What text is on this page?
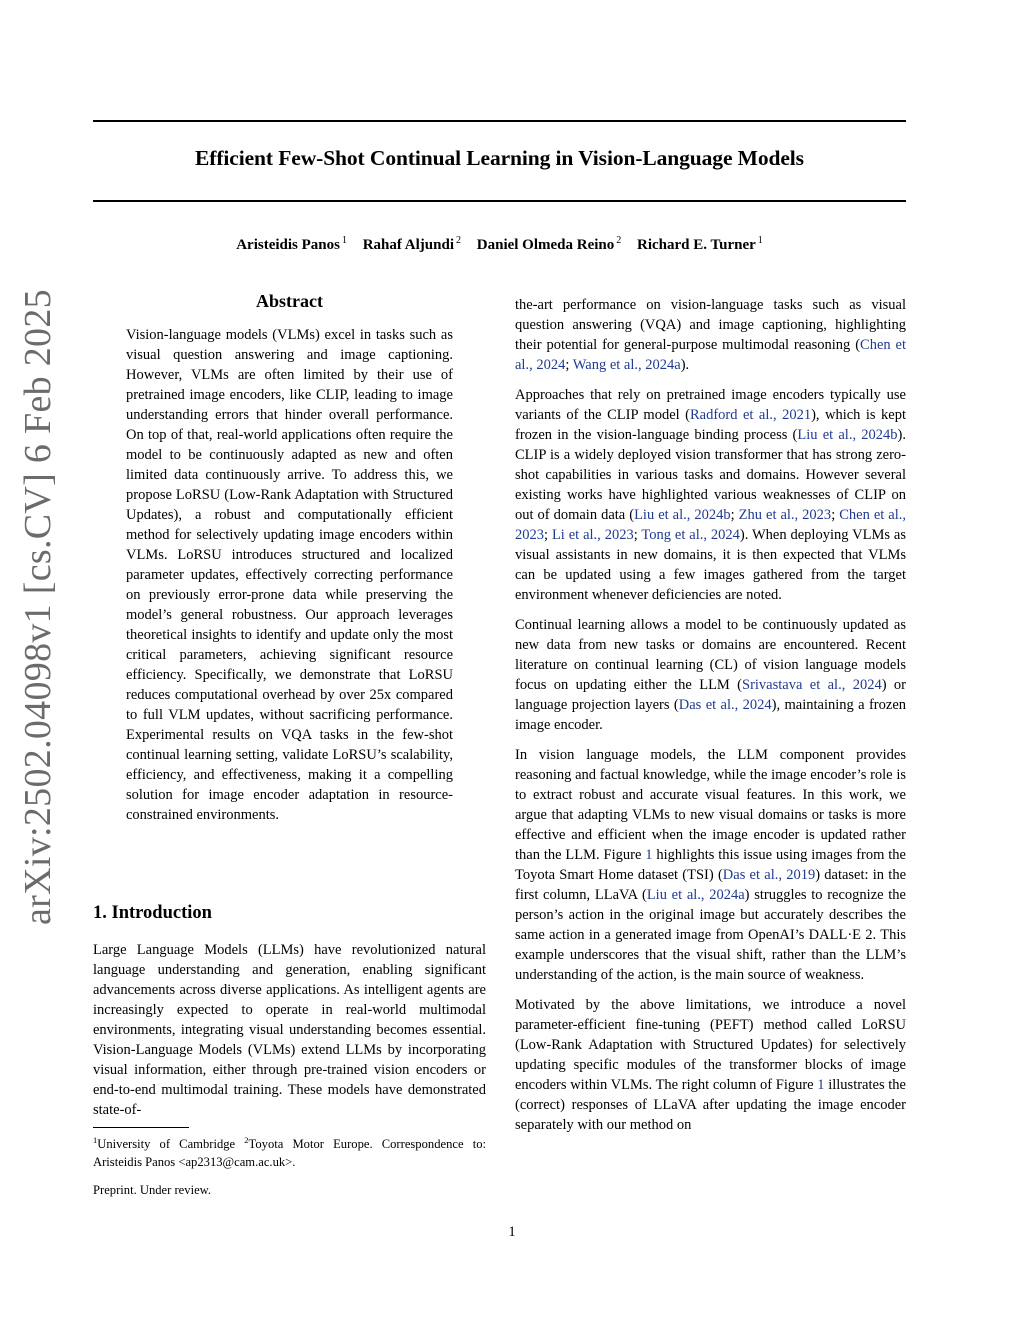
arXiv:2502.04098v1 [cs.CV] 6 Feb 2025
Efficient Few-Shot Continual Learning in Vision-Language Models
Aristeidis Panos $^1$ Rahaf Aljundi $^2$ Daniel Olmeda Reino $^2$ Richard E. Turner $^1$
Abstract
Vision-language models (VLMs) excel in tasks such as visual question answering and image captioning. However, VLMs are often limited by their use of pretrained image encoders, like CLIP, leading to image understanding errors that hinder overall performance. On top of that, real-world applications often require the model to be continuously adapted as new and often limited data continuously arrive. To address this, we propose LoRSU (Low-Rank Adaptation with Structured Updates), a robust and computationally efficient method for selectively updating image encoders within VLMs. LoRSU introduces structured and localized parameter updates, effectively correcting performance on previously error-prone data while preserving the model’s general robustness. Our approach leverages theoretical insights to identify and update only the most critical parameters, achieving significant resource efficiency. Specifically, we demonstrate that LoRSU reduces computational overhead by over 25x compared to full VLM updates, without sacrificing performance. Experimental results on VQA tasks in the few-shot continual learning setting, validate LoRSU’s scalability, efficiency, and effectiveness, making it a compelling solution for image encoder adaptation in resource-constrained environments.
1. Introduction
Large Language Models (LLMs) have revolutionized natural language understanding and generation, enabling significant advancements across diverse applications. As intelligent agents are increasingly expected to operate in real-world multimodal environments, integrating visual understanding becomes essential. Vision-Language Models (VLMs) extend LLMs by incorporating visual information, either through pre-trained vision encoders or end-to-end multimodal training. These models have demonstrated state-of-
$^1$University of Cambridge $^2$Toyota Motor Europe. Correspondence to: Aristeidis Panos <ap2313@cam.ac.uk>.
Preprint. Under review.

the-art performance on vision-language tasks such as visual question answering (VQA) and image captioning, highlighting their potential for general-purpose multimodal reasoning (Chen et al., 2024; Wang et al., 2024a).

Approaches that rely on pretrained image encoders typically use variants of the CLIP model (Radford et al., 2021), which is kept frozen in the vision-language binding process (Liu et al., 2024b). CLIP is a widely deployed vision transformer that has strong zero-shot capabilities in various tasks and domains. However several existing works have highlighted various weaknesses of CLIP on out of domain data (Liu et al., 2024b; Zhu et al., 2023; Chen et al., 2023; Li et al., 2023; Tong et al., 2024). When deploying VLMs as visual assistants in new domains, it is then expected that VLMs can be updated using a few images gathered from the target environment whenever deficiencies are noted.

Continual learning allows a model to be continuously updated as new data from new tasks or domains are encountered. Recent literature on continual learning (CL) of vision language models focus on updating either the LLM (Srivastava et al., 2024) or language projection layers (Das et al., 2024), maintaining a frozen image encoder.

In vision language models, the LLM component provides reasoning and factual knowledge, while the image encoder’s role is to extract robust and accurate visual features. In this work, we argue that adapting VLMs to new visual domains or tasks is more effective and efficient when the image encoder is updated rather than the LLM. Figure 1 highlights this issue using images from the Toyota Smart Home dataset (TSI) (Das et al., 2019) dataset: in the first column, LLaVA (Liu et al., 2024a) struggles to recognize the person’s action in the original image but accurately describes the same action in a generated image from OpenAI’s DALL·E 2. This example underscores that the visual shift, rather than the LLM’s understanding of the action, is the main source of weakness.

Motivated by the above limitations, we introduce a novel parameter-efficient fine-tuning (PEFT) method called LoRSU (Low-Rank Adaptation with Structured Updates) for selectively updating specific modules of the transformer blocks of image encoders within VLMs. The right column of Figure 1 illustrates the (correct) responses of LLaVA after updating the image encoder separately with our method on

1
